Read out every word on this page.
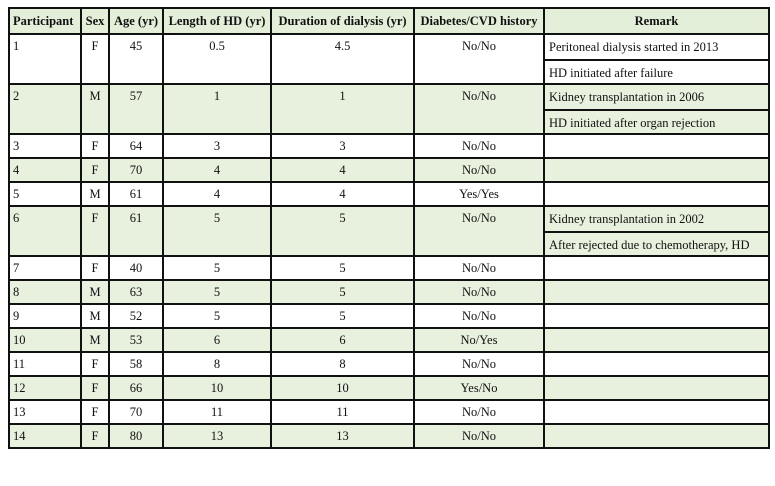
Participant	Sex	Age (yr)	Length of HD (yr)	Duration of dialysis (yr)	Diabetes/CVD history	Remark
1	F	45	0.5	4.5	No/No	Peritoneal dialysis started in 2013
HD initiated after failure

2	M	57	1	1	No/No	Kidney transplantation in 2006
HD initiated after organ rejection

3	F	64	3	3	No/No	
4	F	70	4	4	No/No	
5	M	61	4	4	Yes/Yes	
6	F	61	5	5	No/No	Kidney transplantation in 2002
After rejected due to chemotherapy, HD

7	F	40	5	5	No/No	
8	M	63	5	5	No/No	
9	M	52	5	5	No/No	
10	M	53	6	6	No/Yes	
11	F	58	8	8	No/No	
12	F	66	10	10	Yes/No	
13	F	70	11	11	No/No	
14	F	80	13	13	No/No	
